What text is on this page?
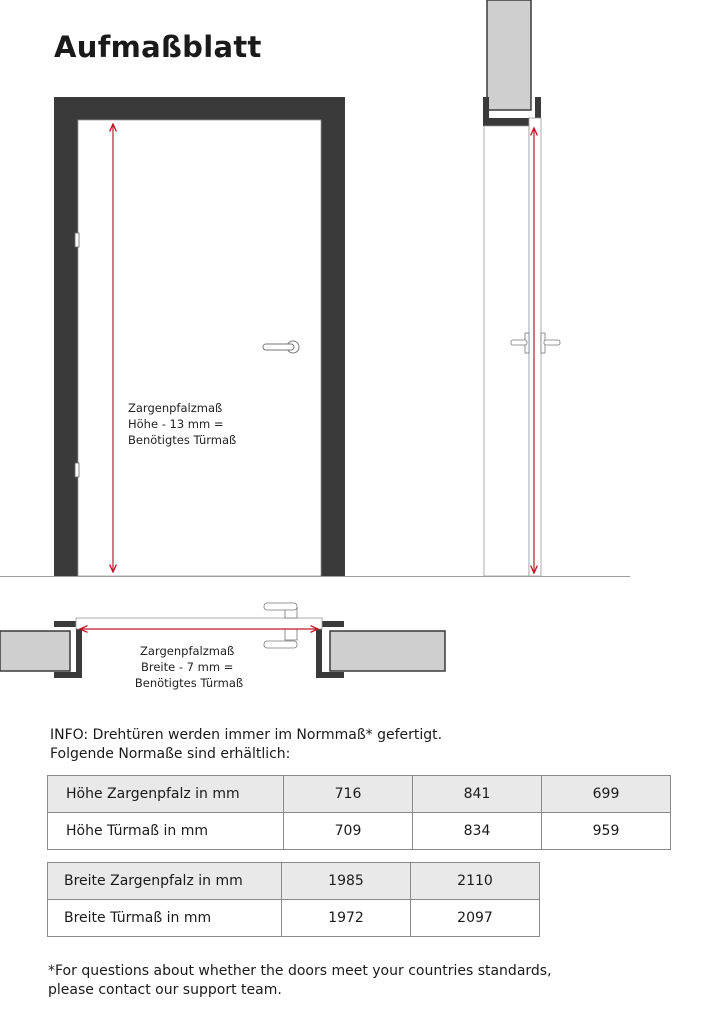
Aufmaßblatt
Zargenpfalzmaß Höhe - 13 mm = Benötigtes Türmaß
Zargenpfalzmaß Breite - 7 mm = Benötigtes Türmaß
INFO: Drehtüren werden immer im Normmaß* gefertigt.
Folgende Normaße sind erhältlich:
Höhe Zargenpfalz in mm	716	841	699
Höhe Türmaß in mm	709	834	959
Breite Zargenpfalz in mm	1985	2110
Breite Türmaß in mm	1972	2097
*For questions about whether the doors meet your countries standards,
please contact our support team.
